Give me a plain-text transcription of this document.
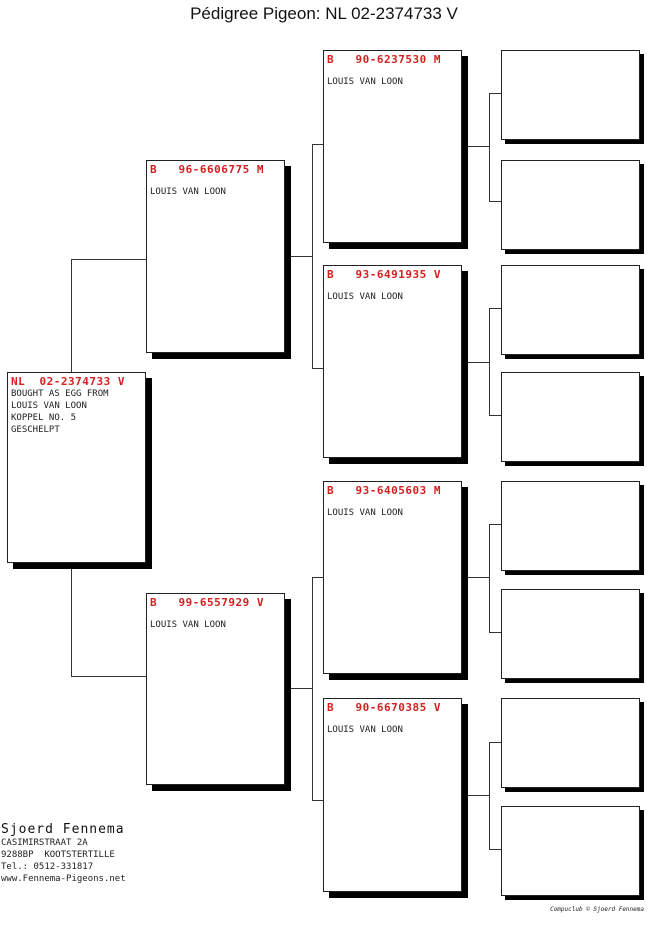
Pédigree Pigeon: NL 02-2374733 V
NL  02-2374733 V
BOUGHT AS EGG FROM
LOUIS VAN LOON
KOPPEL NO. 5
GESCHELPT
B   96-6606775 M
LOUIS VAN LOON
B   99-6557929 V
LOUIS VAN LOON
B   90-6237530 M
LOUIS VAN LOON
B   93-6491935 V
LOUIS VAN LOON
B   93-6405603 M
LOUIS VAN LOON
B   90-6670385 V
LOUIS VAN LOON
Sjoerd Fennema
CASIMIRSTRAAT 2A
9288BP  KOOTSTERTILLE
Tel.: 0512-331817
www.Fennema-Pigeons.net
Compuclub © Sjoerd Fennema
